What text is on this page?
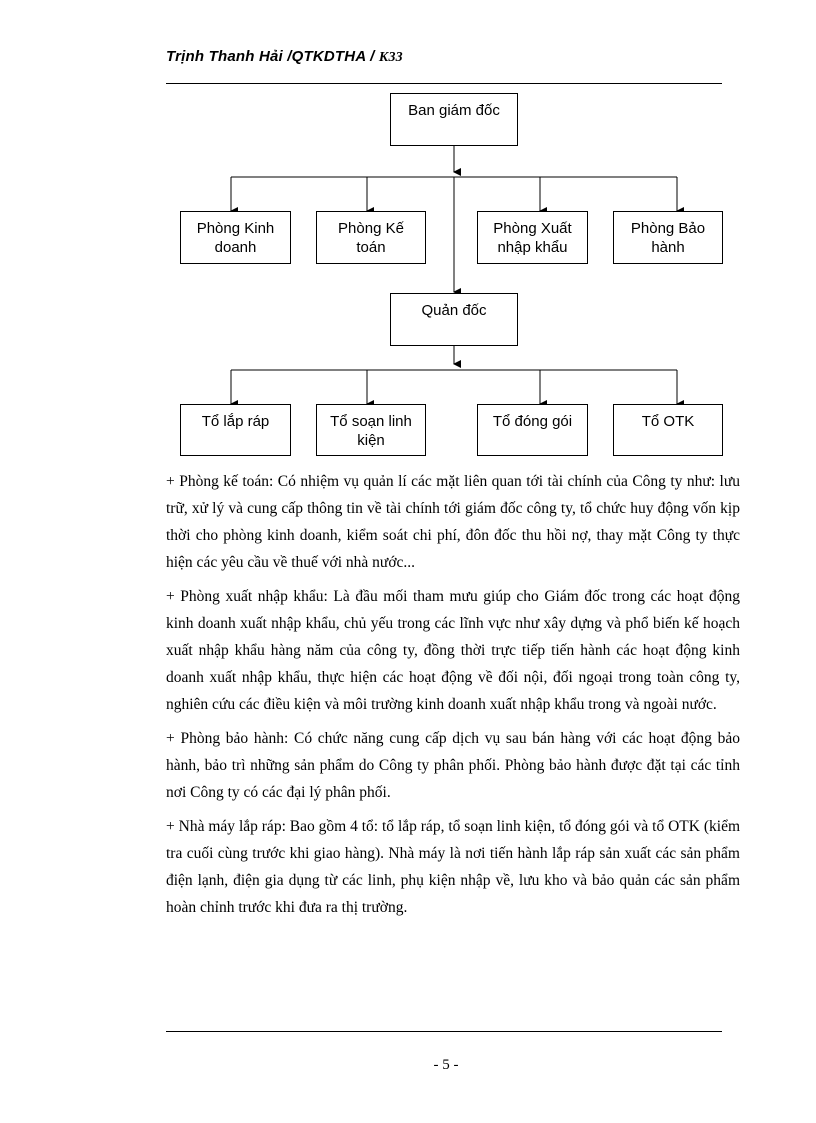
Trịnh Thanh Hải /QTKDTHA / K33
Ban giám đốc
Phòng Kinh doanh
Phòng Kế toán
Phòng Xuất nhập khẩu
Phòng Bảo hành
Quản đốc
Tổ lắp ráp	Tổ soạn linh kiện
Tổ đóng gói	Tổ OTK

+ Phòng kế toán: Có nhiệm vụ quản lí các mặt liên quan tới tài chính của Công ty như: lưu trữ, xử lý và cung cấp thông tin về tài chính tới giám đốc công ty, tổ chức huy động vốn kịp thời cho phòng kinh doanh, kiểm soát chi phí, đôn đốc thu hồi nợ, thay mặt Công ty thực hiện các yêu cầu về thuế với nhà nước...

+ Phòng xuất nhập khẩu: Là đầu mối tham mưu giúp cho Giám đốc trong các hoạt động kinh doanh xuất nhập khẩu, chủ yếu trong các lĩnh vực như xây dựng và phổ biến kế hoạch xuất nhập khẩu hàng năm của công ty, đồng thời trực tiếp tiến hành các hoạt động kinh doanh xuất nhập khẩu, thực hiện các hoạt động về đối nội, đối ngoại trong toàn công ty, nghiên cứu các điều kiện và môi trường kinh doanh xuất nhập khẩu trong và ngoài nước.

+ Phòng bảo hành: Có chức năng cung cấp dịch vụ sau bán hàng với các hoạt động bảo hành, bảo trì những sản phẩm do Công ty phân phối. Phòng bảo hành được đặt tại các tỉnh nơi Công ty có các đại lý phân phối.

+ Nhà máy lắp ráp: Bao gồm 4 tổ: tổ lắp ráp, tổ soạn linh kiện, tổ đóng gói và tổ OTK (kiểm tra cuối cùng trước khi giao hàng). Nhà máy là nơi tiến hành lắp ráp sản xuất các sản phẩm điện lạnh, điện gia dụng từ các linh, phụ kiện nhập về, lưu kho và bảo quản các sản phẩm hoàn chỉnh trước khi đưa ra thị trường.

- 5 -
